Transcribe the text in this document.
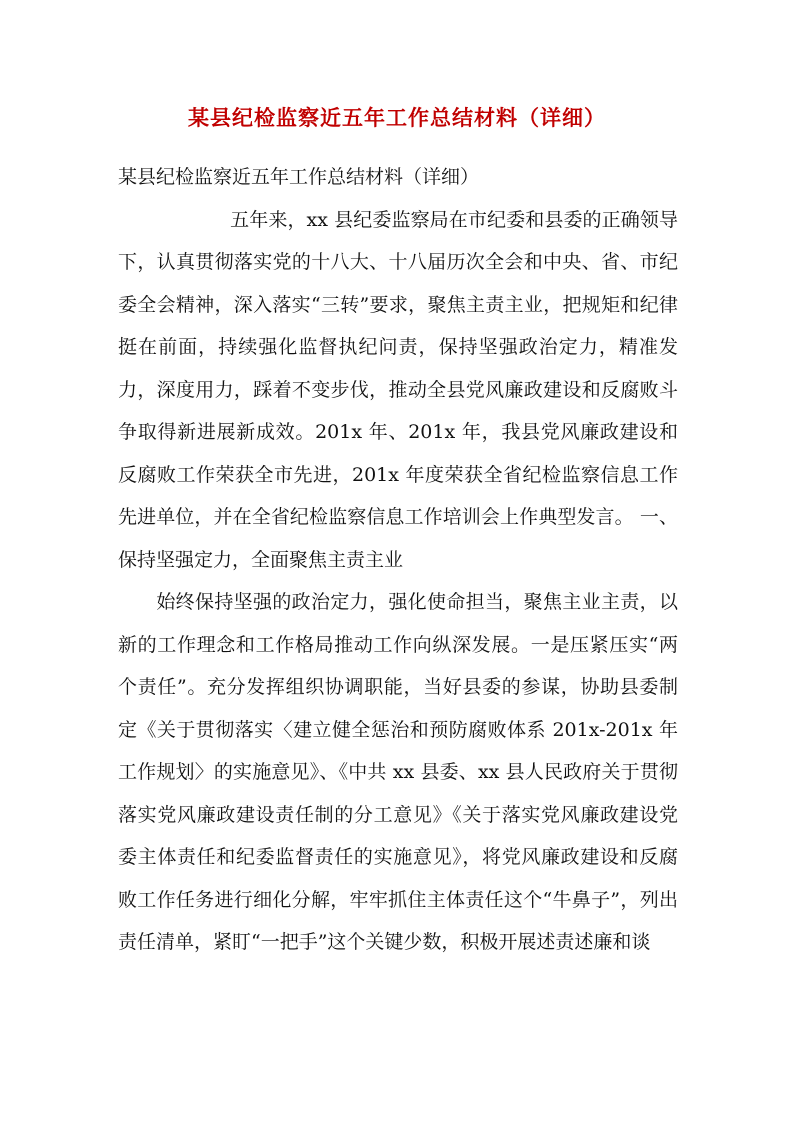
某县纪检监察近五年工作总结材料（详细）

某县纪检监察近五年工作总结材料（详细）

五年来，xx 县纪委监察局在市纪委和县委的正确领导下，认真贯彻落实党的十八大、十八届历次全会和中央、省、市纪委全会精神，深入落实“三转”要求，聚焦主责主业，把规矩和纪律挺在前面，持续强化监督执纪问责，保持坚强政治定力，精准发力，深度用力，踩着不变步伐，推动全县党风廉政建设和反腐败斗争取得新进展新成效。201x 年、201x 年，我县党风廉政建设和反腐败工作荣获全市先进，201x 年度荣获全省纪检监察信息工作先进单位，并在全省纪检监察信息工作培训会上作典型发言。 一、保持坚强定力，全面聚焦主责主业

始终保持坚强的政治定力，强化使命担当，聚焦主业主责，以新的工作理念和工作格局推动工作向纵深发展。一是压紧压实“两个责任”。充分发挥组织协调职能，当好县委的参谋，协助县委制定《关于贯彻落实〈建立健全惩治和预防腐败体系 201x-201x 年工作规划〉的实施意见》、《中共 xx 县委、xx 县人民政府关于贯彻落实党风廉政建设责任制的分工意见》《关于落实党风廉政建设党委主体责任和纪委监督责任的实施意见》，将党风廉政建设和反腐败工作任务进行细化分解，牢牢抓住主体责任这个“牛鼻子”，列出责任清单，紧盯“一把手”这个关键少数，积极开展述责述廉和谈
